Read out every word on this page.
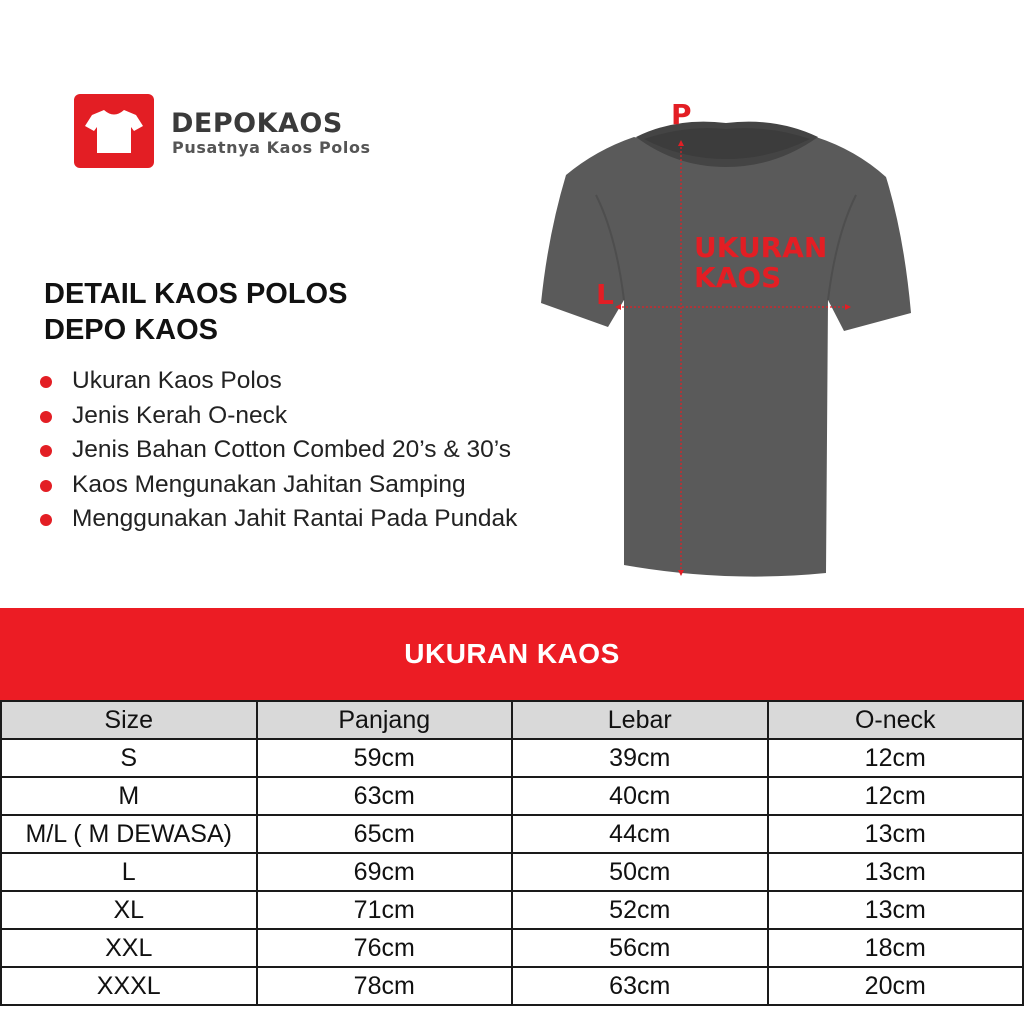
DEPOKAOS
Pusatnya Kaos Polos
DETAIL KAOS POLOS
DEPO KAOS
Ukuran Kaos Polos
Jenis Kerah O-neck
Jenis Bahan Cotton Combed 20’s & 30’s
Kaos Mengunakan Jahitan Samping
Menggunakan Jahit Rantai Pada Pundak
P
L
UKURAN
KAOS
UKURAN KAOS
Size	Panjang	Lebar	O-neck
S	59cm	39cm	12cm
M	63cm	40cm	12cm
M/L ( M DEWASA)	65cm	44cm	13cm
L	69cm	50cm	13cm
XL	71cm	52cm	13cm
XXL	76cm	56cm	18cm
XXXL	78cm	63cm	20cm
